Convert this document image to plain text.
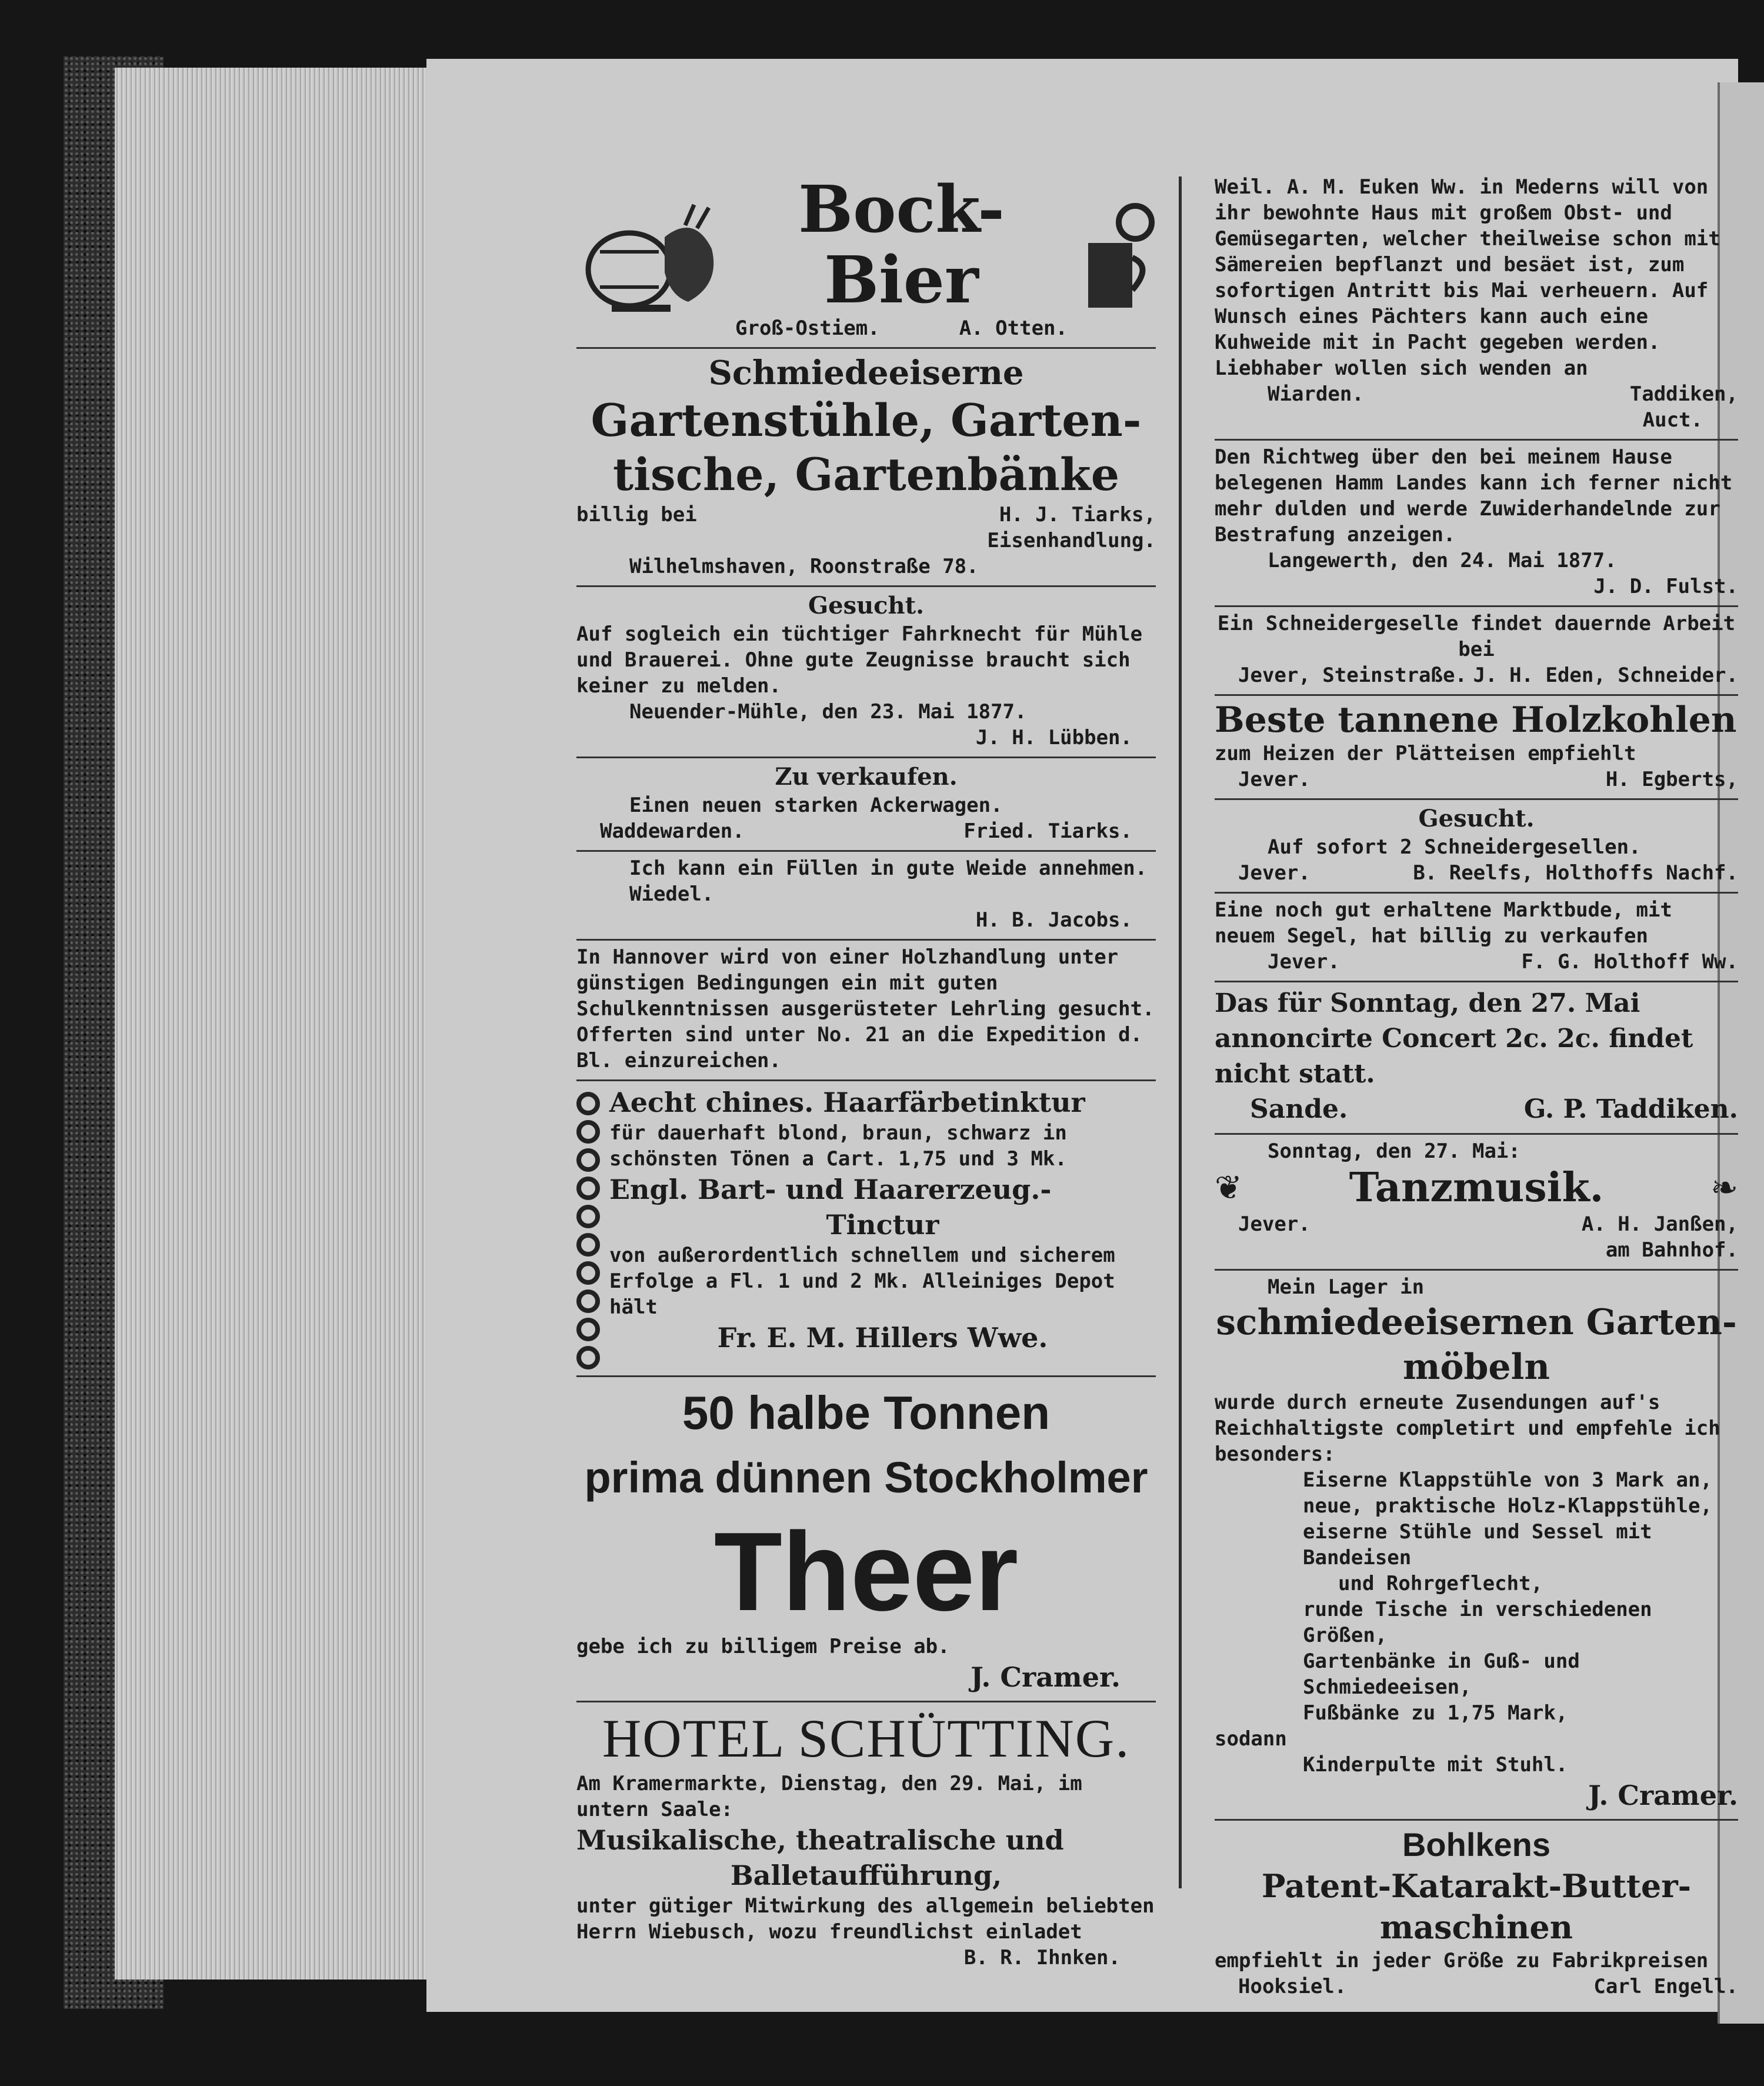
Bock-Bier
Groß-Ostiem.	A. Otten.
Schmiedeeiserne
Gartenstühle, Garten-
tische, Gartenbänke
billig bei	H. J. Tiarks,
Eisenhandlung.
Wilhelmshaven, Roonstraße 78.
Gesucht.
Auf sogleich ein tüchtiger Fahrknecht für Mühle und Brauerei. Ohne gute Zeugnisse braucht sich keiner zu melden.
Neuender-Mühle, den 23. Mai 1877.
J. H. Lübben.
Zu verkaufen.
Einen neuen starken Ackerwagen.
Waddewarden.	Fried. Tiarks.
Ich kann ein Füllen in gute Weide annehmen.
Wiedel.
H. B. Jacobs.
In Hannover wird von einer Holzhandlung unter günstigen Bedingungen ein mit guten Schulkenntnissen ausgerüsteter Lehrling gesucht.
Offerten sind unter No. 21 an die Expedition d. Bl. einzureichen.
Aecht chines. Haarfärbetinktur
für dauerhaft blond, braun, schwarz in schönsten Tönen a Cart. 1,75 und 3 Mk.
Engl. Bart- und Haarerzeug.-
Tinctur
von außerordentlich schnellem und sicherem Erfolge a Fl. 1 und 2 Mk. Alleiniges Depot hält
Fr. E. M. Hillers Wwe.
50 halbe Tonnen
prima dünnen Stockholmer
Theer
gebe ich zu billigem Preise ab.
J. Cramer.
HOTEL SCHÜTTING.
Am Kramermarkte, Dienstag, den 29. Mai, im untern Saale:
Musikalische, theatralische und
Balletaufführung,
unter gütiger Mitwirkung des allgemein beliebten Herrn Wiebusch, wozu freundlichst einladet
B. R. Ihnken.
Weil. A. M. Euken Ww. in Mederns will von ihr bewohnte Haus mit großem Obst- und Gemüsegarten, welcher theilweise schon mit Sämereien bepflanzt und besäet ist, zum sofortigen Antritt bis Mai verheuern. Auf Wunsch eines Pächters kann auch eine Kuhweide mit in Pacht gegeben werden. Liebhaber wollen sich wenden an
Wiarden.	Taddiken,
Auct.
Den Richtweg über den bei meinem Hause belegenen Hamm Landes kann ich ferner nicht mehr dulden und werde Zuwiderhandelnde zur Bestrafung anzeigen.
Langewerth, den 24. Mai 1877.
J. D. Fulst.
Ein Schneidergeselle findet dauernde Arbeit bei
Jever, Steinstraße. J. H. Eden, Schneider.
Beste tannene Holzkohlen
zum Heizen der Plätteisen empfiehlt
Jever.	H. Egberts,
Gesucht.
Auf sofort 2 Schneidergesellen.
Jever.	B. Reelfs, Holthoffs Nachf.
Eine noch gut erhaltene Marktbude, mit neuem Segel, hat billig zu verkaufen
Jever.	F. G. Holthoff Ww.
Das für Sonntag, den 27. Mai annoncirte Concert 2c. 2c. findet nicht statt.
Sande.	G. P. Taddiken.
Sonntag, den 27. Mai:
❦	Tanzmusik.	❧
Jever.	A. H. Janßen,
am Bahnhof.
Mein Lager in
schmiedeeisernen Garten-
möbeln
wurde durch erneute Zusendungen auf's Reichhaltigste completirt und empfehle ich besonders:
Eiserne Klappstühle von 3 Mark an,
neue, praktische Holz-Klappstühle,
eiserne Stühle und Sessel mit Bandeisen
und Rohrgeflecht,
runde Tische in verschiedenen Größen,
Gartenbänke in Guß- und Schmiedeeisen,
Fußbänke zu 1,75 Mark,
sodann
Kinderpulte mit Stuhl.
J. Cramer.
Bohlkens
Patent-Katarakt-Butter-
maschinen
empfiehlt in jeder Größe zu Fabrikpreisen
Hooksiel.	Carl Engell.
